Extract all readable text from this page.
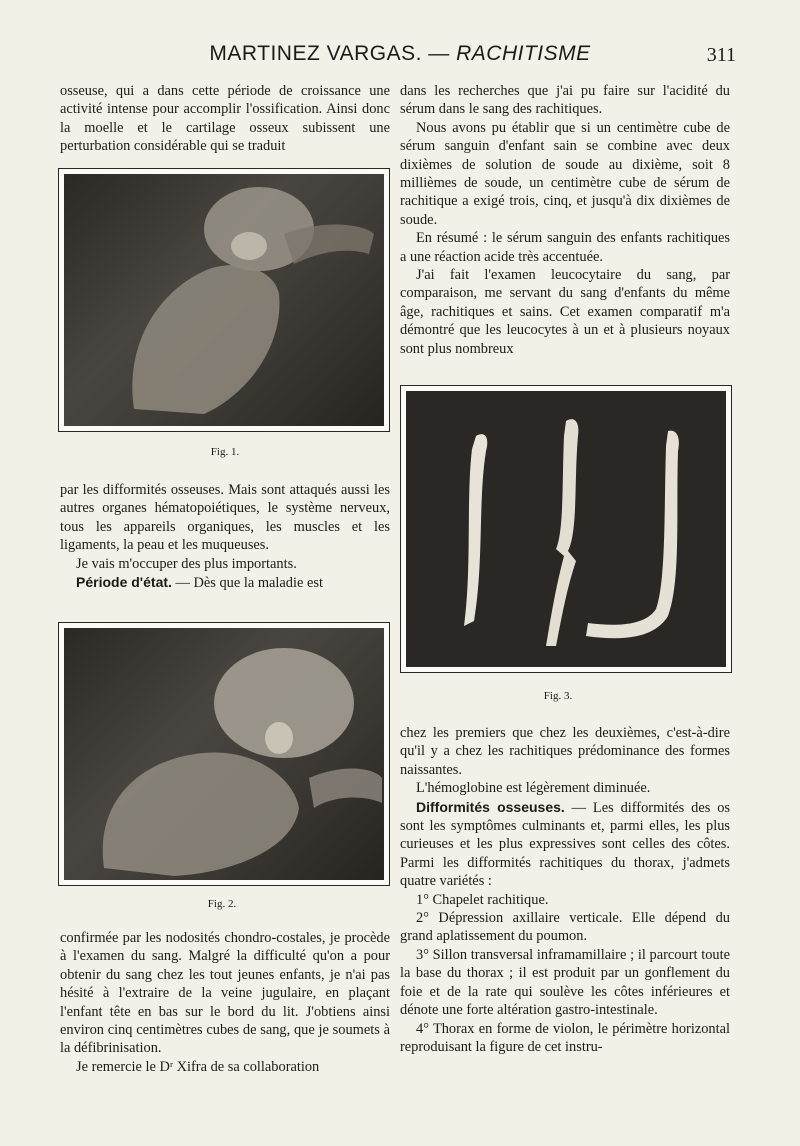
MARTINEZ VARGAS. — RACHITISME	311

osseuse, qui a dans cette période de croissance une activité intense pour accomplir l'ossification. Ainsi donc la moelle et le cartilage osseux subissent une perturbation considérable qui se traduit

Fig. 1.

par les difformités osseuses. Mais sont attaqués aussi les autres organes hématopoiétiques, le système nerveux, tous les appareils organiques, les muscles et les ligaments, la peau et les muqueuses.

Je vais m'occuper des plus importants.

Période d'état. — Dès que la maladie est

Fig. 2.

confirmée par les nodosités chondro-costales, je procède à l'examen du sang. Malgré la difficulté qu'on a pour obtenir du sang chez les tout jeunes enfants, je n'ai pas hésité à l'extraire de la veine jugulaire, en plaçant l'enfant tête en bas sur le bord du lit. J'obtiens ainsi environ cinq centimètres cubes de sang, que je soumets à la défibrinisation.

Je remercie le Dʳ Xifra de sa collaboration

dans les recherches que j'ai pu faire sur l'acidité du sérum dans le sang des rachitiques.

Nous avons pu établir que si un centimètre cube de sérum sanguin d'enfant sain se combine avec deux dixièmes de solution de soude au dixième, soit 8 millièmes de soude, un centimètre cube de sérum de rachitique a exigé trois, cinq, et jusqu'à dix dixièmes de soude.

En résumé : le sérum sanguin des enfants rachitiques a une réaction acide très accentuée.

J'ai fait l'examen leucocytaire du sang, par comparaison, me servant du sang d'enfants du même âge, rachitiques et sains. Cet examen comparatif m'a démontré que les leucocytes à un et à plusieurs noyaux sont plus nombreux

Fig. 3.

chez les premiers que chez les deuxièmes, c'est-à-dire qu'il y a chez les rachitiques prédominance des formes naissantes.

L'hémoglobine est légèrement diminuée.

Difformités osseuses. — Les difformités des os sont les symptômes culminants et, parmi elles, les plus curieuses et les plus expressives sont celles des côtes. Parmi les difformités rachitiques du thorax, j'admets quatre variétés :

1° Chapelet rachitique.

2° Dépression axillaire verticale. Elle dépend du grand aplatissement du poumon.

3° Sillon transversal inframamillaire ; il parcourt toute la base du thorax ; il est produit par un gonflement du foie et de la rate qui soulève les côtes inférieures et dénote une forte altération gastro-intestinale.

4° Thorax en forme de violon, le périmètre horizontal reproduisant la figure de cet instru-
